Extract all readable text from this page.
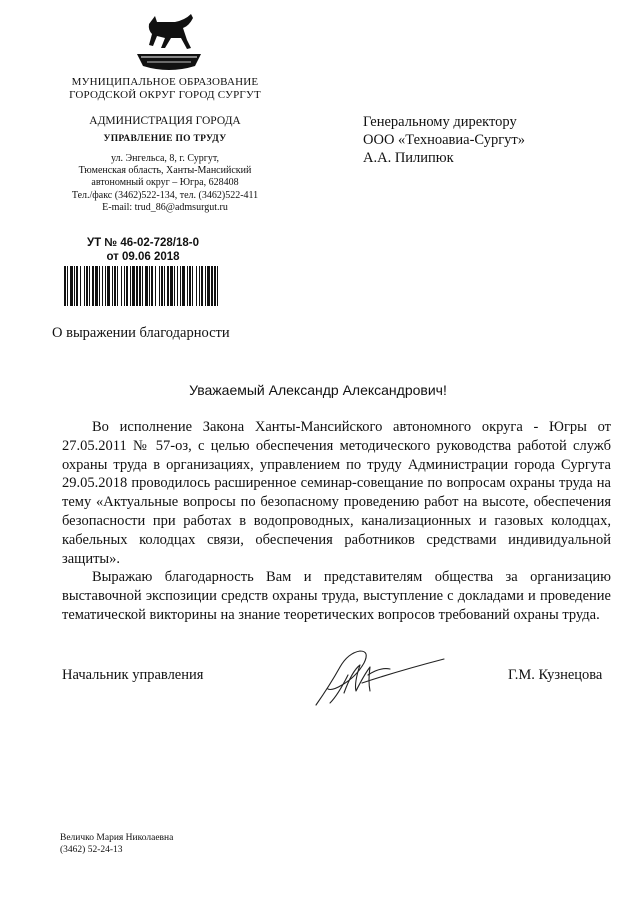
МУНИЦИПАЛЬНОЕ ОБРАЗОВАНИЕ
ГОРОДСКОЙ ОКРУГ ГОРОД СУРГУТ
АДМИНИСТРАЦИЯ ГОРОДА
УПРАВЛЕНИЕ ПО ТРУДУ
ул. Энгельса, 8, г. Сургут,
Тюменская область, Ханты-Мансийский
автономный округ – Югра, 628408
Тел./факс (3462)522-134, тел. (3462)522-411
E-mail: trud_86@admsurgut.ru
УТ № 46-02-728/18-0
от 09.06 2018
Генеральному директору
ООО «Техноавиа-Сургут»
А.А. Пилипюк
О выражении благодарности
Уважаемый Александр Александрович!

Во исполнение Закона Ханты-Мансийского автономного округа - Югры от 27.05.2011 № 57-оз, с целью обеспечения методического руководства работой служб охраны труда в организациях, управлением по труду Администрации города Сургута 29.05.2018 проводилось расширенное семинар-совещание по вопросам охраны труда на тему «Актуальные вопросы по безопасному проведению работ на высоте, обеспечения безопасности при работах в водопроводных, канализационных и газовых колодцах, кабельных колодцах связи, обеспечения работников средствами индивидуальной защиты».

Выражаю благодарность Вам и представителям общества за организацию выставочной экспозиции средств охраны труда, выступление с докладами и проведение тематической викторины на знание теоретических вопросов требований охраны труда.

Начальник управления	Г.М. Кузнецова
Величко Мария Николаевна
(3462) 52-24-13
